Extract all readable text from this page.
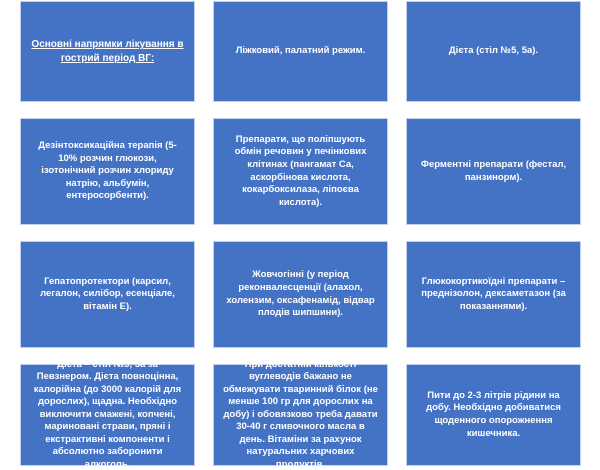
Основні напрямки лікування в гострий період ВГ:
Ліжковий, палатний режим.	Дієта (стіл №5, 5а).
Дезінтоксикаційна терапія (5-10% розчин глюкози, ізотонічний розчин хлориду натрію, альбумін, ентеросорбенти).
Препарати, що поліпшують обмін речовин у печінкових клітинах (пангамат Са, аскорбінова кислота, кокарбоксилаза, ліпоєва кислота).
Ферментні препарати (фестал, панзинорм).
Гепатопротектори (карсил, легалон, силібор, есенціале, вітамін Е).
Жовчогінні (у період реконвалесценції (алахол, холензим, оксафенамід, відвар плодів шипшини).
Глюкокортикоїдні препарати – преднізолон, дексаметазон (за показаннями).
Дієта – стіл №5, 5а за Певзнером. Дієта повноцінна, калорійна (до 3000 калорій для дорослих), щадна. Необхідно виключити смажені, копчені, мариновані страви, пряні і екстрактивні компоненти і абсолютно заборонити алкоголь.
При достатній кількості вуглеводів бажано не обмежувати тваринний білок (не менше 100 гр для дорослих на добу) і обовязково треба давати 30-40 г сливочного масла в день. Вітаміни за рахунок натуральних харчових продуктів.
Пити до 2-3 літрів рідини на добу. Необхідно добиватися щоденного опорожнення кишечника.
